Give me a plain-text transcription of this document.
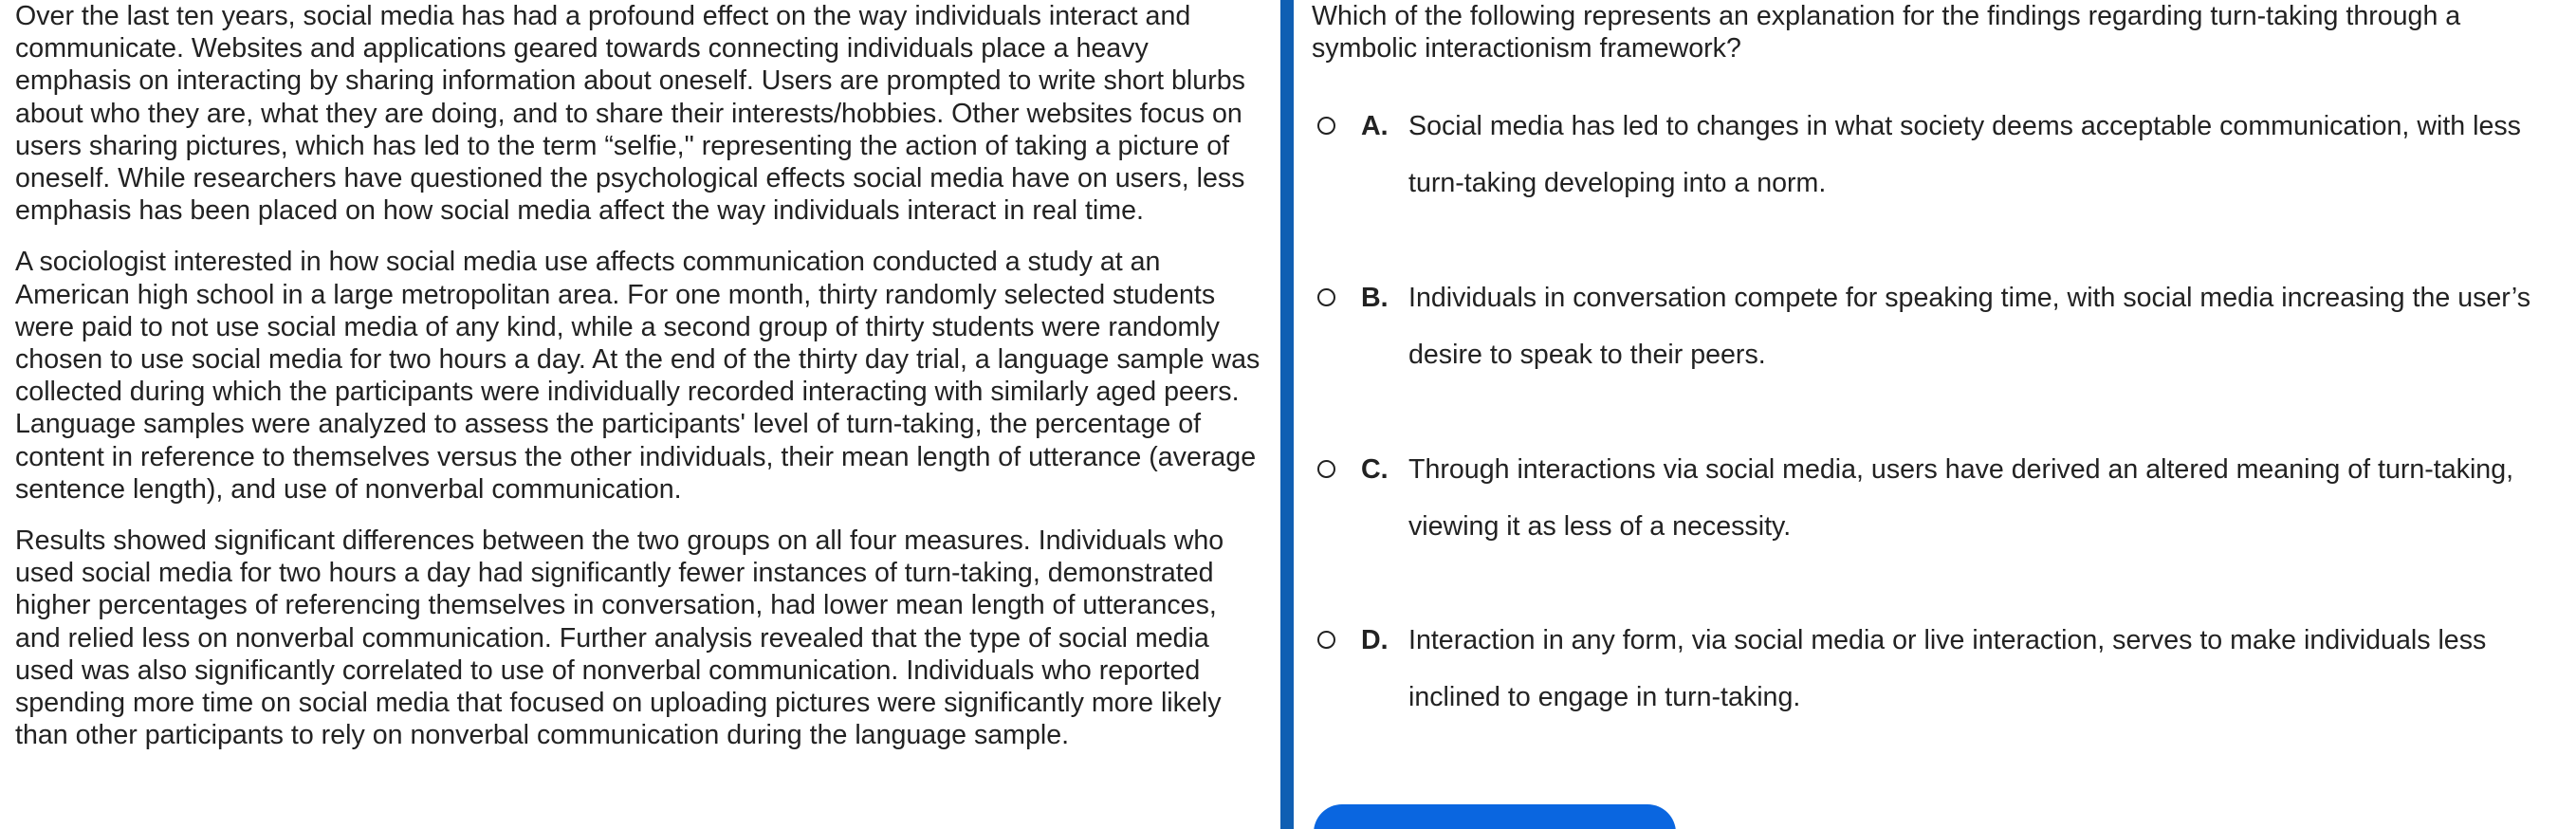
Over the last ten years, social media has had a profound effect on the way individuals interact and communicate. Websites and applications geared towards connecting individuals place a heavy emphasis on interacting by sharing information about oneself. Users are prompted to write short blurbs about who they are, what they are doing, and to share their interests/hobbies. Other websites focus on users sharing pictures, which has led to the term “selfie," representing the action of taking a picture of oneself. While researchers have questioned the psychological effects social media have on users, less emphasis has been placed on how social media affect the way individuals interact in real time.

A sociologist interested in how social media use affects communication conducted a study at an American high school in a large metropolitan area. For one month, thirty randomly selected students were paid to not use social media of any kind, while a second group of thirty students were randomly chosen to use social media for two hours a day. At the end of the thirty day trial, a language sample was collected during which the participants were individually recorded interacting with similarly aged peers. Language samples were analyzed to assess the participants' level of turn-taking, the percentage of content in reference to themselves versus the other individuals, their mean length of utterance (average sentence length), and use of nonverbal communication.

Results showed significant differences between the two groups on all four measures. Individuals who used social media for two hours a day had significantly fewer instances of turn-taking, demonstrated higher percentages of referencing themselves in conversation, had lower mean length of utterances, and relied less on nonverbal communication. Further analysis revealed that the type of social media used was also significantly correlated to use of nonverbal communication. Individuals who reported spending more time on social media that focused on uploading pictures were significantly more likely than other participants to rely on nonverbal communication during the language sample.

Which of the following represents an explanation for the findings regarding turn-taking through a symbolic interactionism framework?

A. Social media has led to changes in what society deems acceptable communication, with less turn-taking developing into a norm.
B. Individuals in conversation compete for speaking time, with social media increasing the user’s desire to speak to their peers.
C. Through interactions via social media, users have derived an altered meaning of turn-taking, viewing it as less of a necessity.
D. Interaction in any form, via social media or live interaction, serves to make individuals less inclined to engage in turn-taking.
